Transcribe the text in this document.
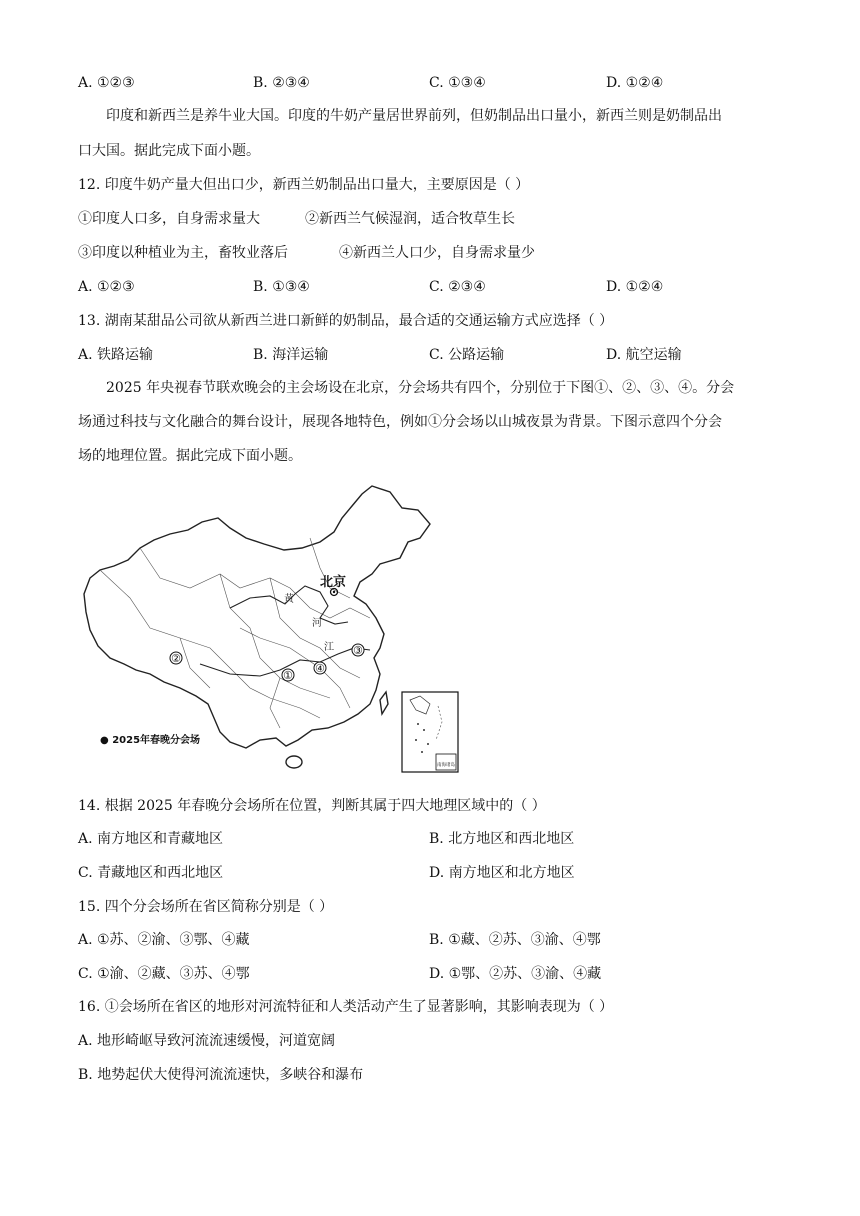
A. ①②③	B. ②③④	C. ①③④	D. ①②④
印度和新西兰是养牛业大国。印度的牛奶产量居世界前列，但奶制品出口量小，新西兰则是奶制品出
口大国。据此完成下面小题。
12. 印度牛奶产量大但出口少，新西兰奶制品出口量大，主要原因是（ ）
①印度人口多，自身需求量大	②新西兰气候湿润，适合牧草生长
③印度以种植业为主，畜牧业落后	④新西兰人口少，自身需求量少
A. ①②③	B. ①③④	C. ②③④	D. ①②④
13. 湖南某甜品公司欲从新西兰进口新鲜的奶制品，最合适的交通运输方式应选择（ ）
A. 铁路运输	B. 海洋运输	C. 公路运输	D. 航空运输
2025 年央视春节联欢晚会的主会场设在北京，分会场共有四个，分别位于下图①、②、③、④。分会
场通过科技与文化融合的舞台设计，展现各地特色，例如①分会场以山城夜景为背景。下图示意四个分会
场的地理位置。据此完成下面小题。
北京
黄
河
江
②
①
④
③
南海诸岛
● 2025年春晚分会场
14. 根据 2025 年春晚分会场所在位置，判断其属于四大地理区域中的（ ）
A. 南方地区和青藏地区	B. 北方地区和西北地区
C. 青藏地区和西北地区	D. 南方地区和北方地区
15. 四个分会场所在省区简称分别是（ ）
A. ①苏、②渝、③鄂、④藏	B. ①藏、②苏、③渝、④鄂
C. ①渝、②藏、③苏、④鄂	D. ①鄂、②苏、③渝、④藏
16. ①会场所在省区的地形对河流特征和人类活动产生了显著影响，其影响表现为（ ）
A. 地形崎岖导致河流流速缓慢，河道宽阔
B. 地势起伏大使得河流流速快，多峡谷和瀑布
